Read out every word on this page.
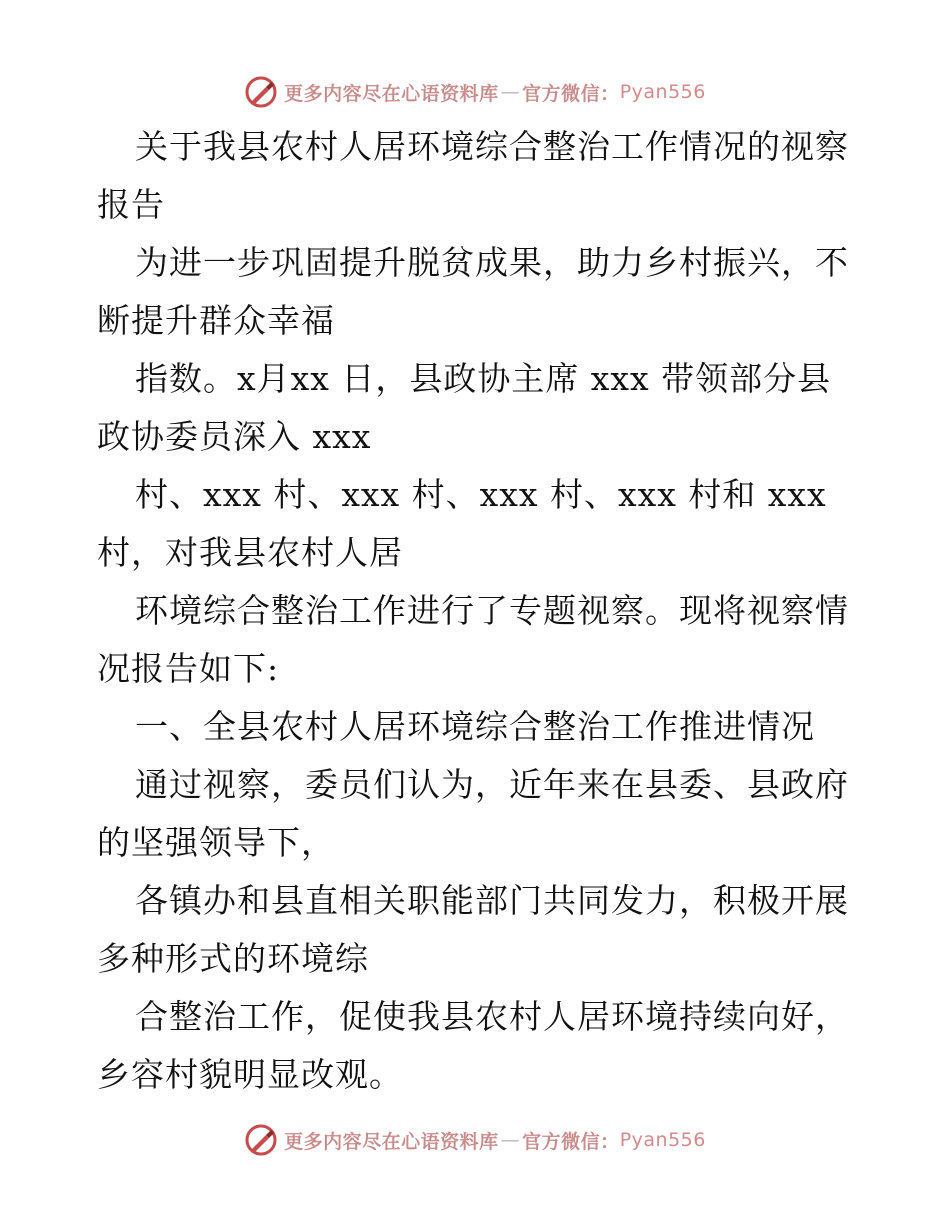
更多内容尽在心语资料库 — 官方微信： Pyan556

关于我县农村人居环境综合整治工作情况的视察报告

为进一步巩固提升脱贫成果，助力乡村振兴，不断提升群众幸福

指数。x月xx 日，县政协主席 xxx 带领部分县政协委员深入 xxx

村、xxx 村、xxx 村、xxx 村、xxx 村和 xxx 村，对我县农村人居

环境综合整治工作进行了专题视察。现将视察情况报告如下:

一、全县农村人居环境综合整治工作推进情况

通过视察，委员们认为，近年来在县委、县政府的坚强领导下，

各镇办和县直相关职能部门共同发力，积极开展多种形式的环境综

合整治工作，促使我县农村人居环境持续向好，乡容村貌明显改观。

更多内容尽在心语资料库 — 官方微信： Pyan556
